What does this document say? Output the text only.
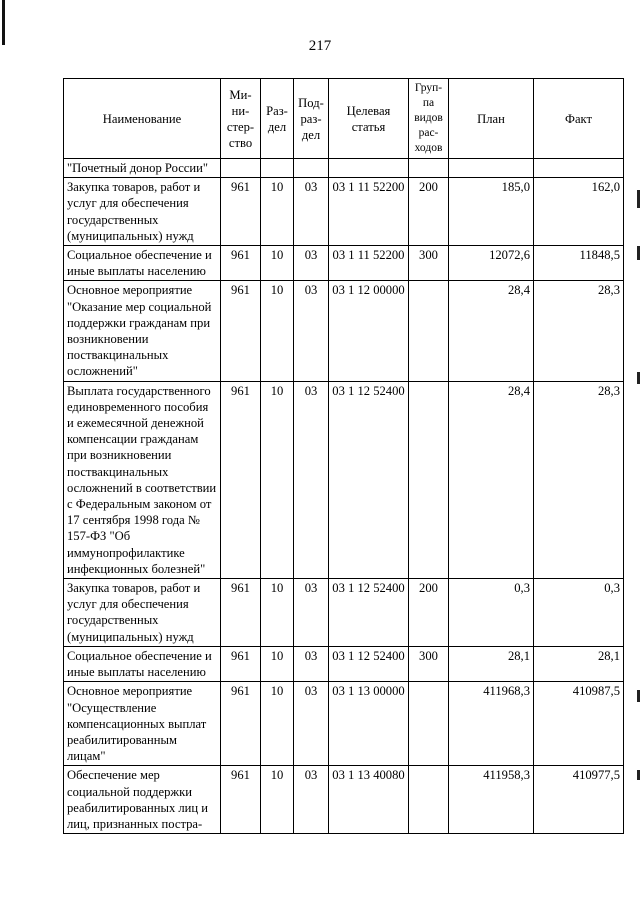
217
Наименование	Ми-
ни-
стер-
ство	Раз-
дел	Под-
раз-
дел	Целевая
статья	Груп-
па
видов
рас-
ходов	План	Факт
"Почетный донор России"							
Закупка товаров, работ и услуг для обеспечения государственных (муниципальных) нужд	961	10	03	03 1 11 52200	200	185,0	162,0
Социальное обеспечение и иные выплаты населению	961	10	03	03 1 11 52200	300	12072,6	11848,5
Основное мероприятие "Оказание мер социальной поддержки гражданам при возникновении поствакцинальных осложнений"	961	10	03	03 1 12 00000		28,4	28,3
Выплата государственного единовременного пособия и ежемесячной денежной компенсации гражданам при возникновении поствакцинальных осложнений в соответствии с Федеральным законом от 17 сентября 1998 года № 157-ФЗ "Об иммунопрофилактике инфекционных болезней"	961	10	03	03 1 12 52400		28,4	28,3
Закупка товаров, работ и услуг для обеспечения государственных (муниципальных) нужд	961	10	03	03 1 12 52400	200	0,3	0,3
Социальное обеспечение и иные выплаты населению	961	10	03	03 1 12 52400	300	28,1	28,1
Основное мероприятие "Осуществление компенсационных выплат реабилитированным лицам"	961	10	03	03 1 13 00000		411968,3	410987,5
Обеспечение мер социальной поддержки реабилитированных лиц и лиц, признанных постра-	961	10	03	03 1 13 40080		411958,3	410977,5
